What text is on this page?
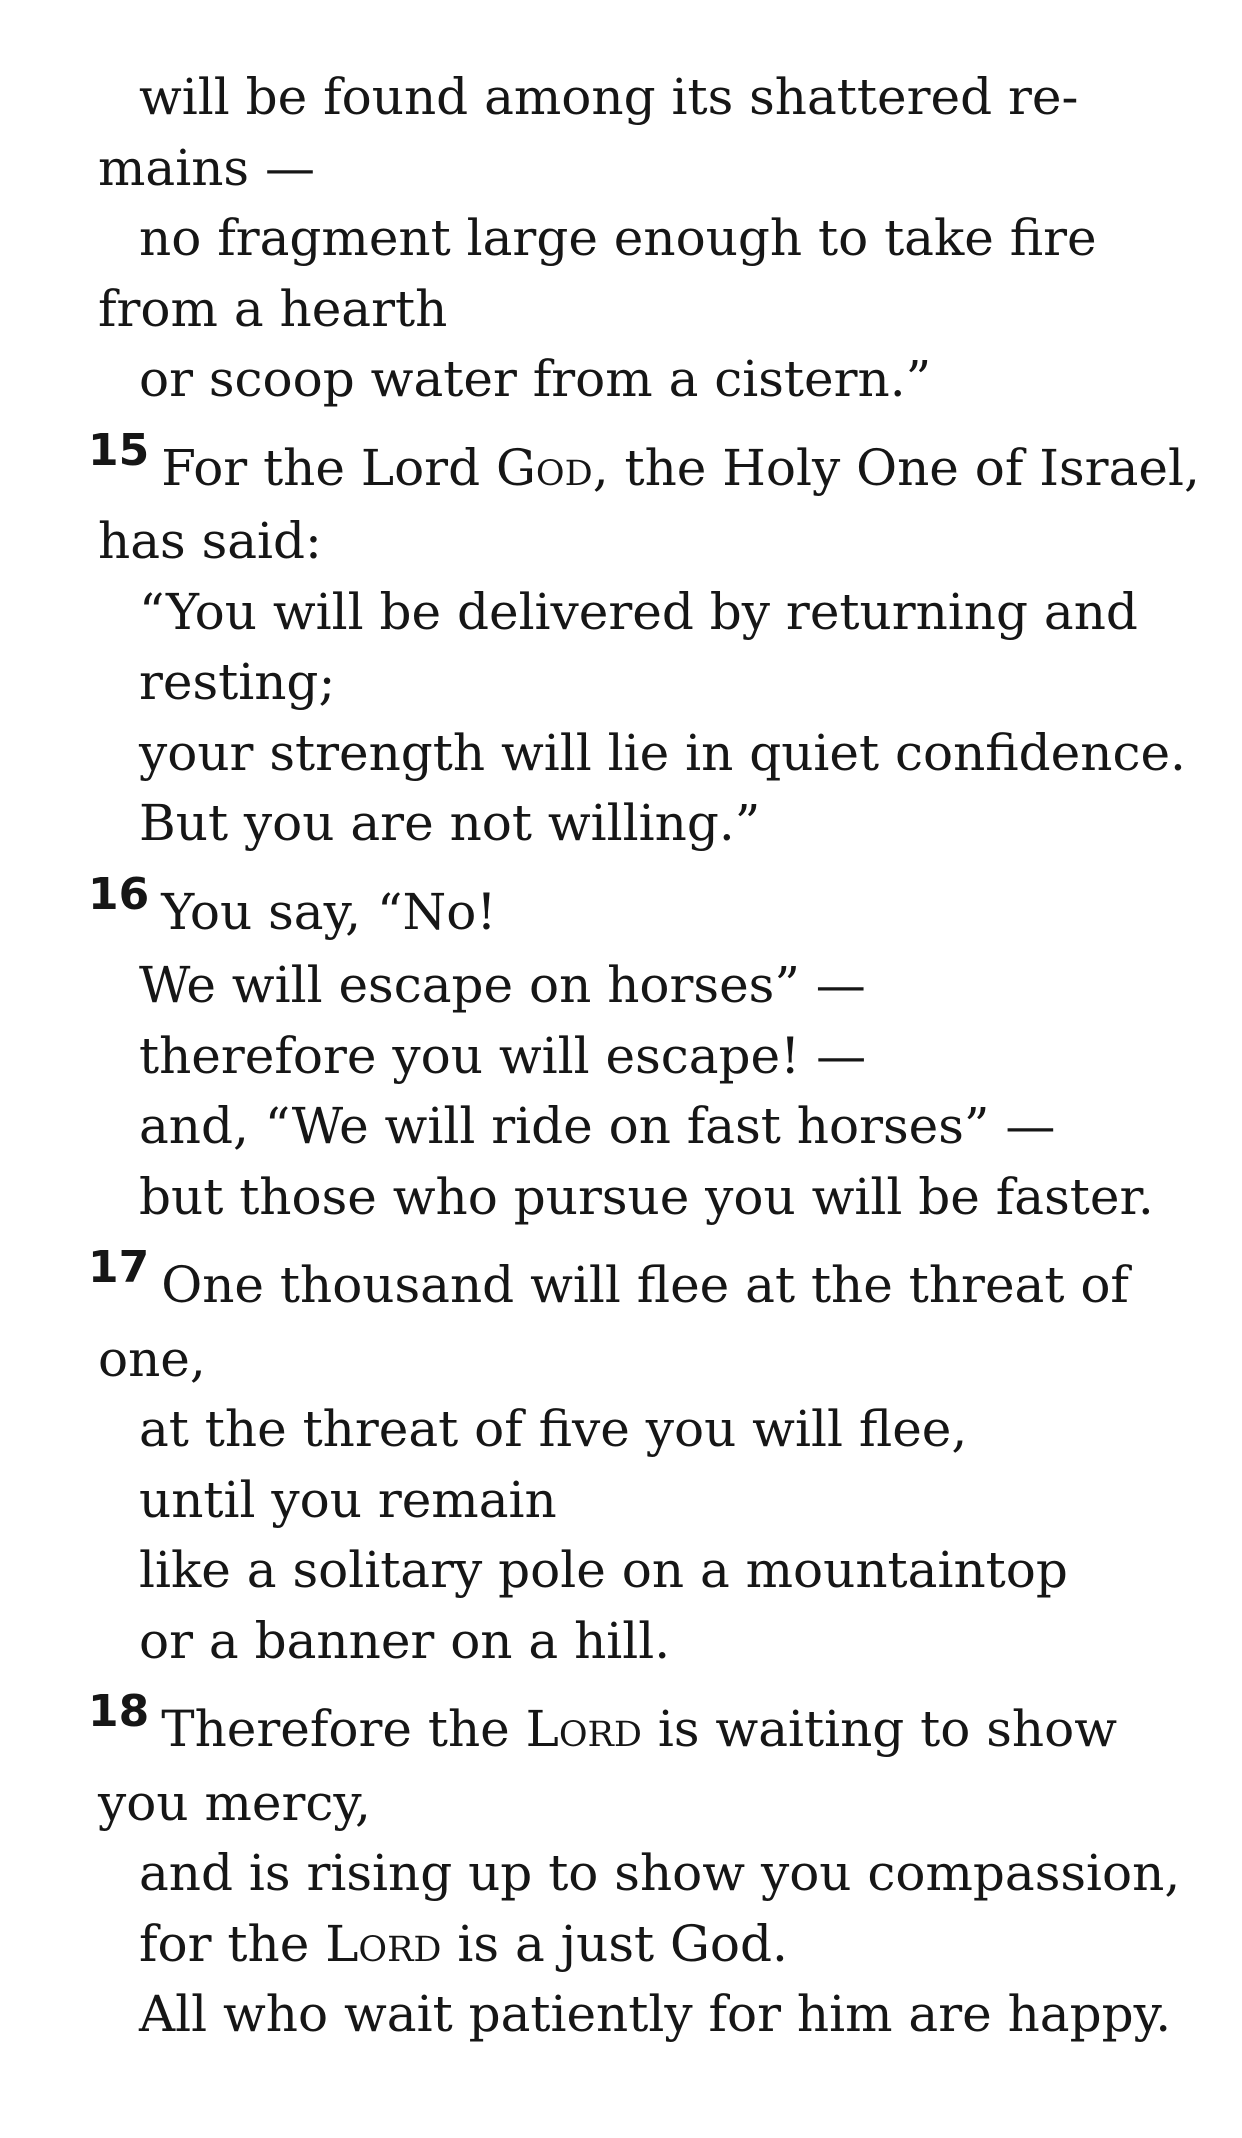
will be found among its shattered re-
mains —
no fragment large enough to take fire
from a hearth
or scoop water from a cistern.”
15 For the Lord God, the Holy One of Israel, has said:
“You will be delivered by returning and resting;
your strength will lie in quiet confidence.
But you are not willing.”
16 You say, “No!
We will escape on horses” —
therefore you will escape! —
and, “We will ride on fast horses” —
but those who pursue you will be faster.
17 One thousand will flee at the threat of one,
at the threat of five you will flee,
until you remain
like a solitary pole on a mountaintop
or a banner on a hill.
18 Therefore the Lord is waiting to show you mercy,
and is rising up to show you compassion,
for the Lord is a just God.
All who wait patiently for him are happy.
